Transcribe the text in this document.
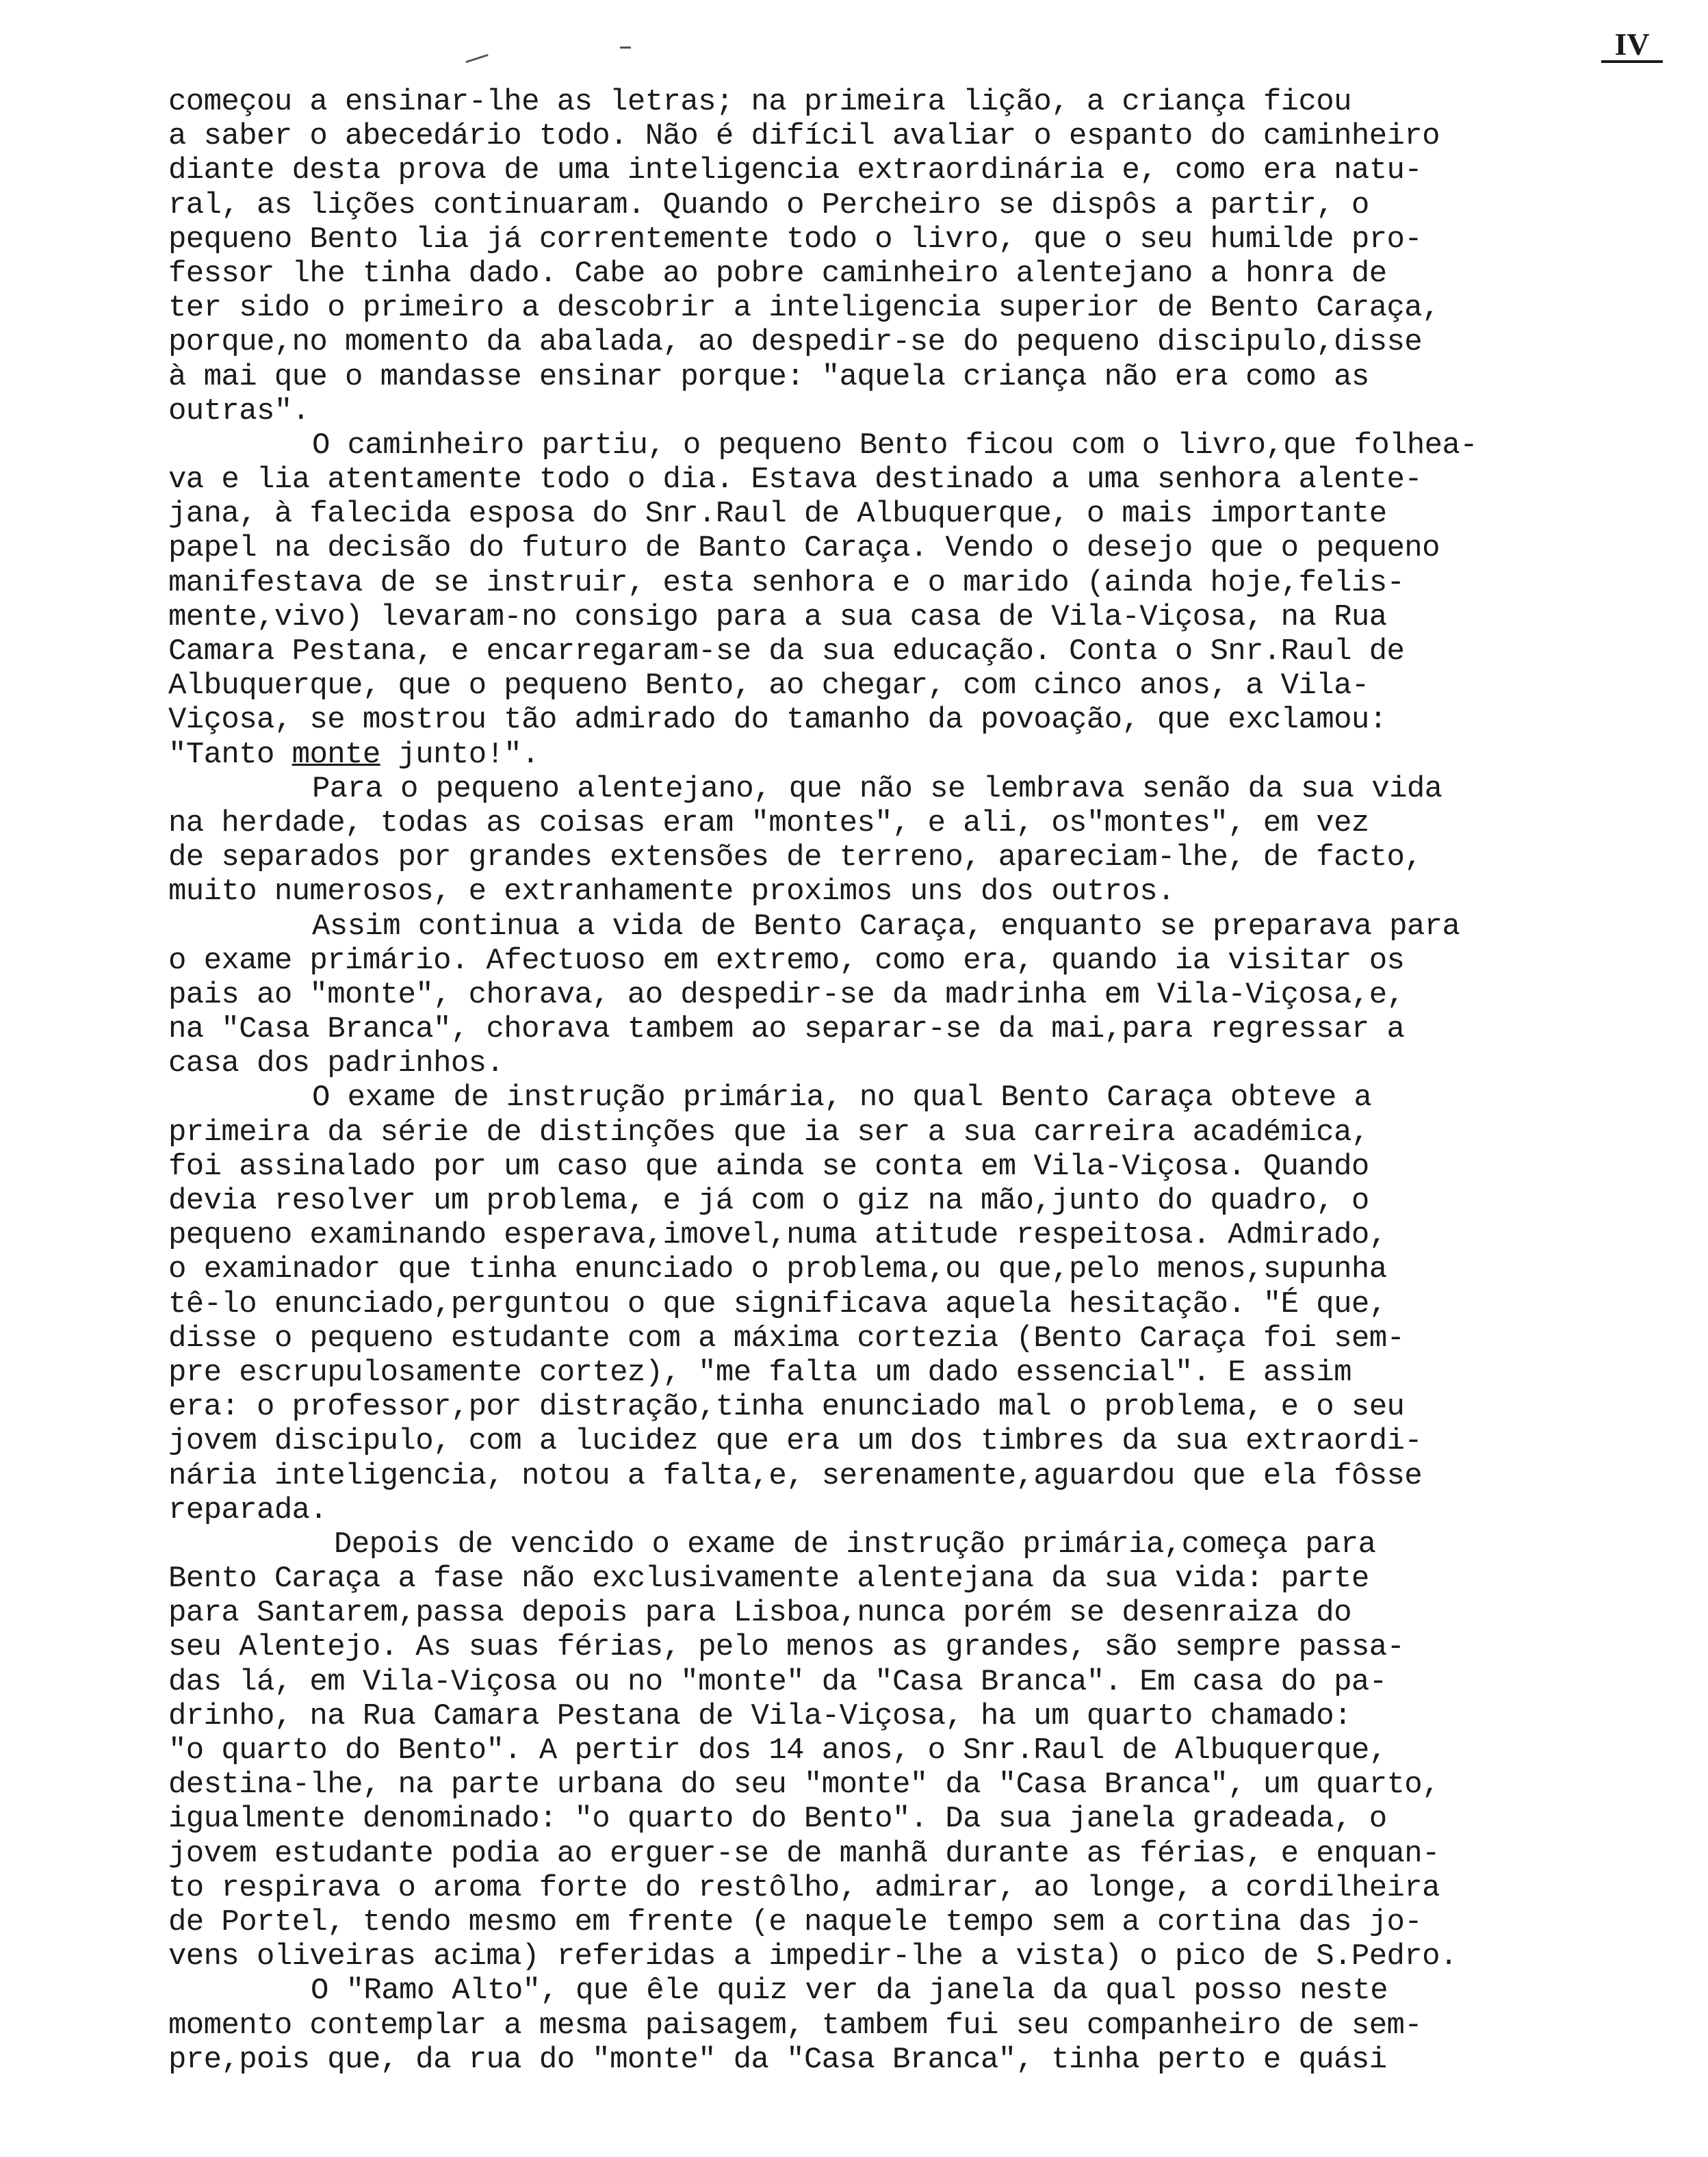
IV
começou a ensinar-lhe as letras; na primeira lição, a criança ficou
a saber o abecedário todo. Não é difícil avaliar o espanto do caminheiro
diante desta prova de uma inteligencia extraordinária e, como era natu-
ral, as lições continuaram. Quando o Percheiro se dispôs a partir, o
pequeno Bento lia já correntemente todo o livro, que o seu humilde pro-
fessor lhe tinha dado. Cabe ao pobre caminheiro alentejano a honra de
ter sido o primeiro a descobrir a inteligencia superior de Bento Caraça,
porque,no momento da abalada, ao despedir-se do pequeno discipulo,disse
à mai que o mandasse ensinar porque: "aquela criança não era como as
outras".
O caminheiro partiu, o pequeno Bento ficou com o livro,que folhea-
va e lia atentamente todo o dia. Estava destinado a uma senhora alente-
jana, à falecida esposa do Snr.Raul de Albuquerque, o mais importante
papel na decisão do futuro de Banto Caraça. Vendo o desejo que o pequeno
manifestava de se instruir, esta senhora e o marido (ainda hoje,felis-
mente,vivo) levaram-no consigo para a sua casa de Vila-Viçosa, na Rua
Camara Pestana, e encarregaram-se da sua educação. Conta o Snr.Raul de
Albuquerque, que o pequeno Bento, ao chegar, com cinco anos, a Vila-
Viçosa, se mostrou tão admirado do tamanho da povoação, que exclamou:
"Tanto monte junto!".
Para o pequeno alentejano, que não se lembrava senão da sua vida
na herdade, todas as coisas eram "montes", e ali, os"montes", em vez
de separados por grandes extensões de terreno, apareciam-lhe, de facto,
muito numerosos, e extranhamente proximos uns dos outros.
Assim continua a vida de Bento Caraça, enquanto se preparava para
o exame primário. Afectuoso em extremo, como era, quando ia visitar os
pais ao "monte", chorava, ao despedir-se da madrinha em Vila-Viçosa,e,
na "Casa Branca", chorava tambem ao separar-se da mai,para regressar a
casa dos padrinhos.
O exame de instrução primária, no qual Bento Caraça obteve a
primeira da série de distinções que ia ser a sua carreira académica,
foi assinalado por um caso que ainda se conta em Vila-Viçosa. Quando
devia resolver um problema, e já com o giz na mão,junto do quadro, o
pequeno examinando esperava,imovel,numa atitude respeitosa. Admirado,
o examinador que tinha enunciado o problema,ou que,pelo menos,supunha
tê-lo enunciado,perguntou o que significava aquela hesitação. "É que,
disse o pequeno estudante com a máxima cortezia (Bento Caraça foi sem-
pre escrupulosamente cortez), "me falta um dado essencial". E assim
era: o professor,por distração,tinha enunciado mal o problema, e o seu
jovem discipulo, com a lucidez que era um dos timbres da sua extraordi-
nária inteligencia, notou a falta,e, serenamente,aguardou que ela fôsse
reparada.
Depois de vencido o exame de instrução primária,começa para
Bento Caraça a fase não exclusivamente alentejana da sua vida: parte
para Santarem,passa depois para Lisboa,nunca porém se desenraiza do
seu Alentejo. As suas férias, pelo menos as grandes, são sempre passa-
das lá, em Vila-Viçosa ou no "monte" da "Casa Branca". Em casa do pa-
drinho, na Rua Camara Pestana de Vila-Viçosa, ha um quarto chamado:
"o quarto do Bento". A pertir dos 14 anos, o Snr.Raul de Albuquerque,
destina-lhe, na parte urbana do seu "monte" da "Casa Branca", um quarto,
igualmente denominado: "o quarto do Bento". Da sua janela gradeada, o
jovem estudante podia ao erguer-se de manhã durante as férias, e enquan-
to respirava o aroma forte do restôlho, admirar, ao longe, a cordilheira
de Portel, tendo mesmo em frente (e naquele tempo sem a cortina das jo-
vens oliveiras acima) referidas a impedir-lhe a vista) o pico de S.Pedro.
O "Ramo Alto", que êle quiz ver da janela da qual posso neste
momento contemplar a mesma paisagem, tambem fui seu companheiro de sem-
pre,pois que, da rua do "monte" da "Casa Branca", tinha perto e quási
